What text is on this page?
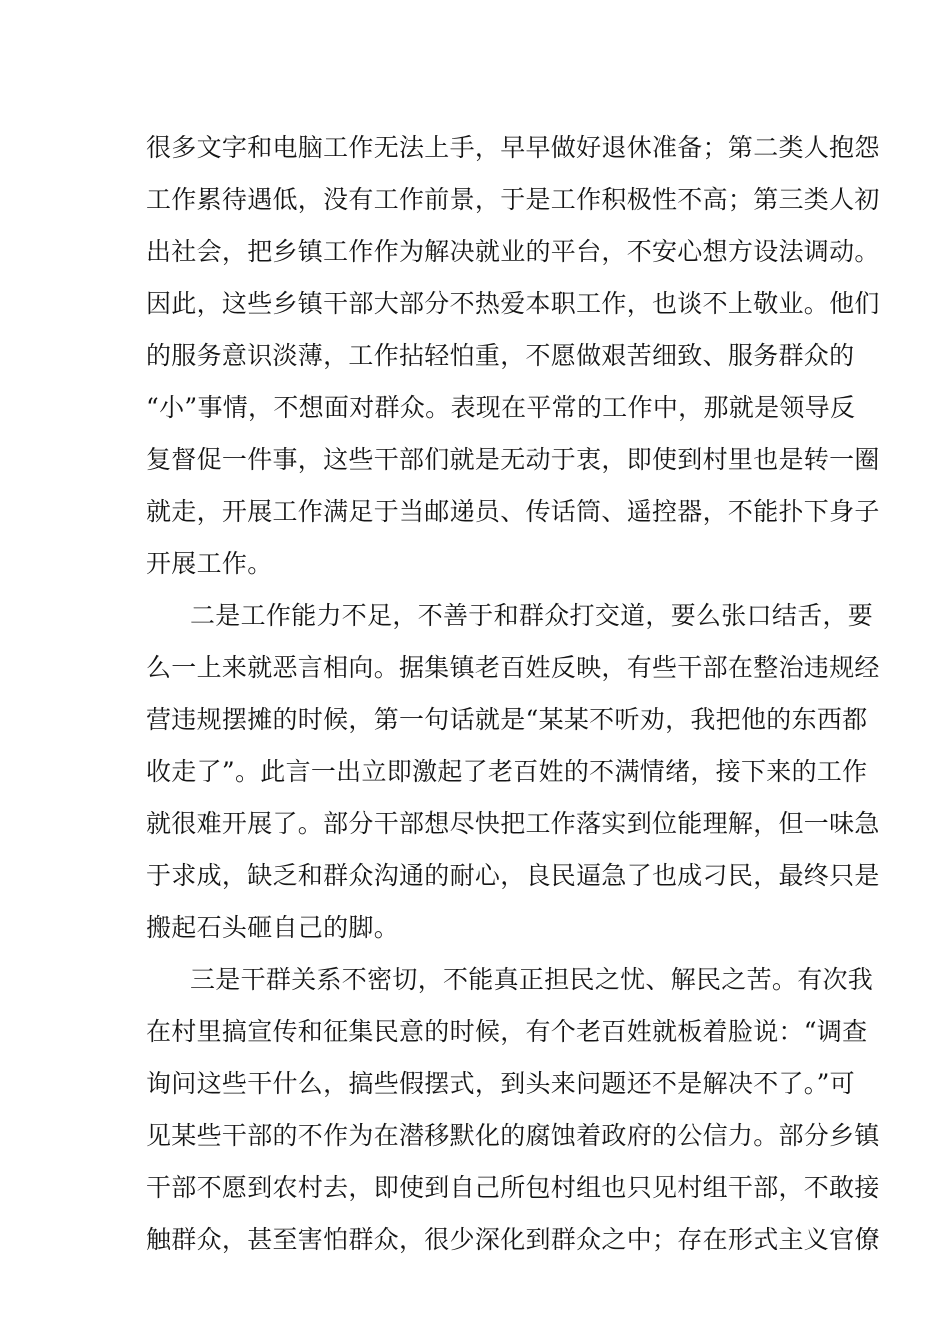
很多文字和电脑工作无法上手，早早做好退休准备；第二类人抱怨
工作累待遇低，没有工作前景，于是工作积极性不高；第三类人初
出社会，把乡镇工作作为解决就业的平台，不安心想方设法调动。
因此，这些乡镇干部大部分不热爱本职工作，也谈不上敬业。他们
的服务意识淡薄，工作拈轻怕重，不愿做艰苦细致、服务群众的
“小”事情，不想面对群众。表现在平常的工作中，那就是领导反
复督促一件事，这些干部们就是无动于衷，即使到村里也是转一圈
就走，开展工作满足于当邮递员、传话筒、遥控器，不能扑下身子
开展工作。
二是工作能力不足，不善于和群众打交道，要么张口结舌，要
么一上来就恶言相向。据集镇老百姓反映，有些干部在整治违规经
营违规摆摊的时候，第一句话就是“某某不听劝，我把他的东西都
收走了”。此言一出立即激起了老百姓的不满情绪，接下来的工作
就很难开展了。部分干部想尽快把工作落实到位能理解，但一味急
于求成，缺乏和群众沟通的耐心，良民逼急了也成刁民，最终只是
搬起石头砸自己的脚。
三是干群关系不密切，不能真正担民之忧、解民之苦。有次我
在村里搞宣传和征集民意的时候，有个老百姓就板着脸说：“调查
询问这些干什么，搞些假摆式，到头来问题还不是解决不了。”可
见某些干部的不作为在潜移默化的腐蚀着政府的公信力。部分乡镇
干部不愿到农村去，即使到自己所包村组也只见村组干部，不敢接
触群众，甚至害怕群众，很少深化到群众之中；存在形式主义官僚
